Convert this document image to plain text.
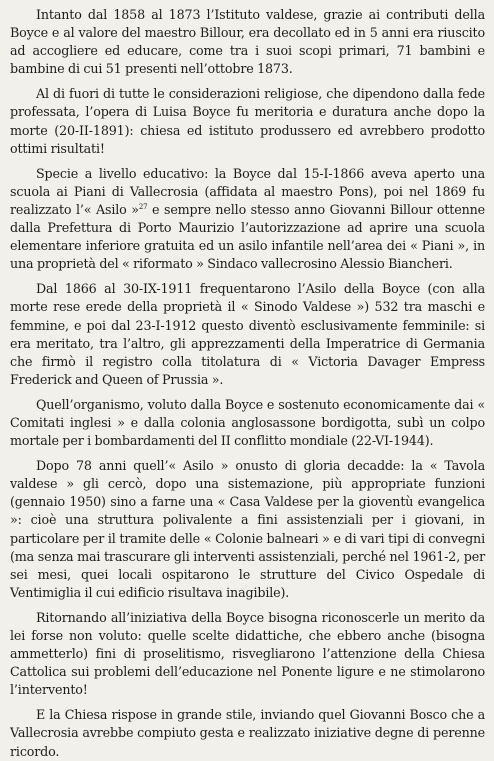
Intanto dal 1858 al 1873 l’Istituto valdese, grazie ai contributi della Boyce e al valore del maestro Billour, era decollato ed in 5 anni era riuscito ad accogliere ed educare, come tra i suoi scopi primari, 71 bambini e bambine di cui 51 presenti nell’ottobre 1873.

Al di fuori di tutte le considerazioni religiose, che dipendono dalla fede professata, l’opera di Luisa Boyce fu meritoria e duratura anche dopo la morte (20-II-1891): chiesa ed istituto produssero ed avrebbero prodotto ottimi risultati!

Specie a livello educativo: la Boyce dal 15-I-1866 aveva aperto una scuola ai Piani di Vallecrosia (affidata al maestro Pons), poi nel 1869 fu realizzato l’« Asilo »$^{27}$ e sempre nello stesso anno Giovanni Billour ottenne dalla Prefettura di Porto Maurizio l’autorizzazione ad aprire una scuola elementare inferiore gratuita ed un asilo infantile nell’area dei « Piani », in una proprietà del « riformato » Sindaco vallecrosino Alessio Biancheri.

Dal 1866 al 30-IX-1911 frequentarono l’Asilo della Boyce (con alla morte rese erede della proprietà il « Sinodo Valdese ») 532 tra maschi e femmine, e poi dal 23-I-1912 questo diventò esclusivamente femminile: si era meritato, tra l’altro, gli apprezzamenti della Imperatrice di Germania che firmò il registro colla titolatura di « Victoria Davager Empress Frederick and Queen of Prussia ».

Quell’organismo, voluto dalla Boyce e sostenuto economicamente dai « Comitati inglesi » e dalla colonia anglosassone bordigotta, subì un colpo mortale per i bombardamenti del II conflitto mondiale (22-VI-1944).

Dopo 78 anni quell’« Asilo » onusto di gloria decadde: la « Tavola valdese » gli cercò, dopo una sistemazione, più appropriate funzioni (gennaio 1950) sino a farne una « Casa Valdese per la gioventù evangelica »: cioè una struttura polivalente a fini assistenziali per i giovani, in particolare per il tramite delle « Colonie balneari » e di vari tipi di convegni (ma senza mai trascurare gli interventi assistenziali, perché nel 1961-2, per sei mesi, quei locali ospitarono le strutture del Civico Ospedale di Ventimiglia il cui edificio risultava inagibile).

Ritornando all’iniziativa della Boyce bisogna riconoscerle un merito da lei forse non voluto: quelle scelte didattiche, che ebbero anche (bisogna ammetterlo) fini di proselitismo, risvegliarono l’attenzione della Chiesa Cattolica sui problemi dell’educazione nel Ponente ligure e ne stimolarono l’intervento!

E la Chiesa rispose in grande stile, inviando quel Giovanni Bosco che a Vallecrosia avrebbe compiuto gesta e realizzato iniziative degne di perenne ricordo.
